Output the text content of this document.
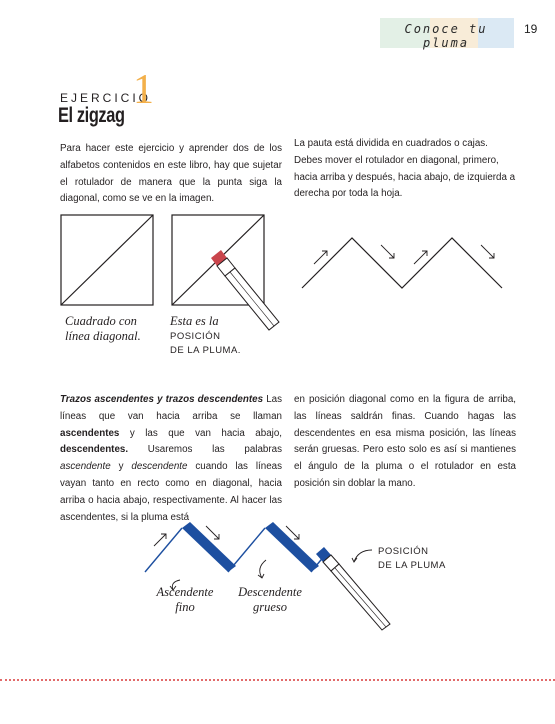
Conoce tu pluma
19
EJERCICIO
1
El zigzag
Para hacer este ejercicio y aprender dos de los alfabetos contenidos en este libro, hay que sujetar el rotulador de manera que la punta siga la diagonal, como se ve en la imagen.
La pauta está dividida en cuadrados o cajas. Debes mover el rotulador en diagonal, primero, hacia arriba y después, hacia abajo, de izquierda a derecha por toda la hoja.
Cuadrado con
línea diagonal.
Esta es la
POSICIÓN
DE LA PLUMA.
Trazos ascendentes y trazos descendentes Las líneas que van hacia arriba se llaman ascendentes y las que van hacia abajo, descendentes. Usaremos las palabras ascendente y descendente cuando las líneas vayan tanto en recto como en diagonal, hacia arriba o hacia abajo, respectivamente. Al hacer las ascendentes, si la pluma está
en posición diagonal como en la figura de arriba, las líneas saldrán finas. Cuando hagas las descendentes en esa misma posición, las líneas serán gruesas. Pero esto solo es así si mantienes el ángulo de la pluma o el rotulador en esta posición sin doblar la mano.
Ascendente
fino
Descendente
grueso
POSICIÓN
DE LA PLUMA
